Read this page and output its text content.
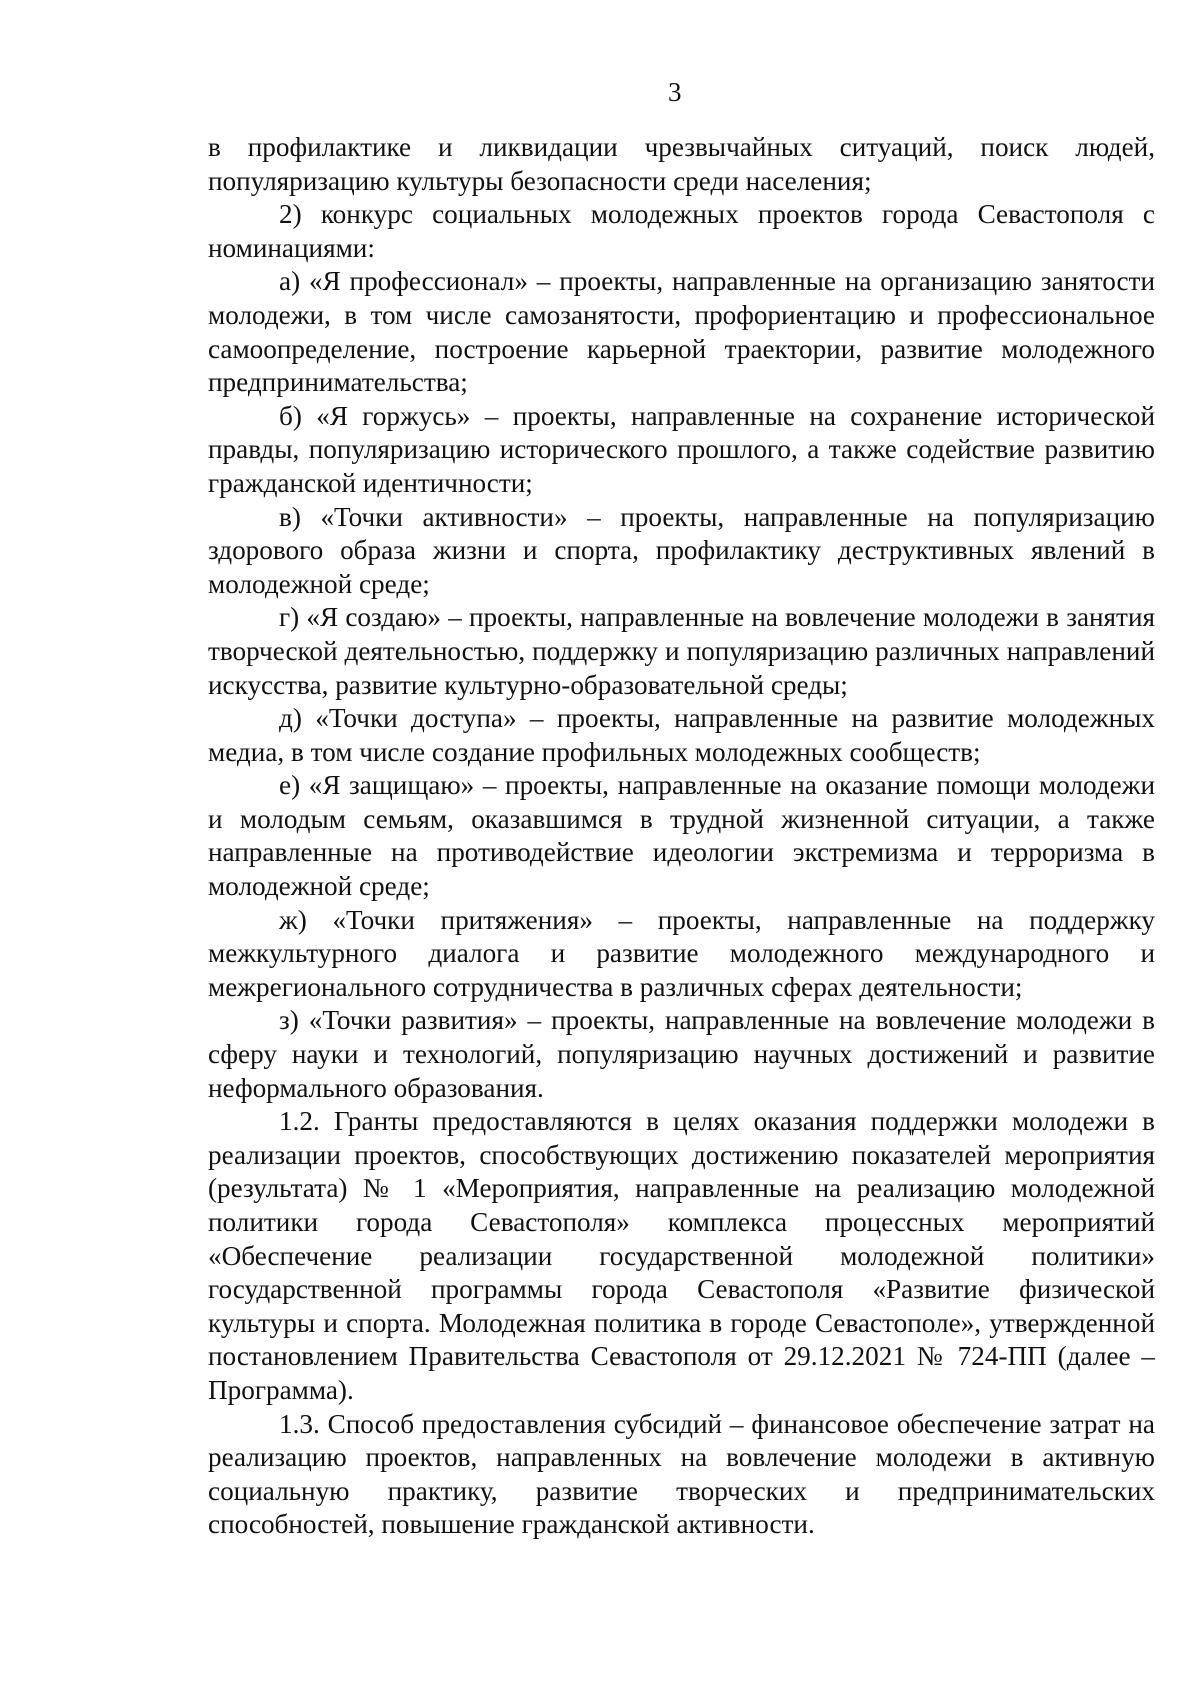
3

в профилактике и ликвидации чрезвычайных ситуаций, поиск людей, популяризацию культуры безопасности среди населения;

2) конкурс социальных молодежных проектов города Севастополя с номинациями:

а) «Я профессионал» – проекты, направленные на организацию занятости молодежи, в том числе самозанятости, профориентацию и профессиональное самоопределение, построение карьерной траектории, развитие молодежного предпринимательства;

б) «Я горжусь» – проекты, направленные на сохранение исторической правды, популяризацию исторического прошлого, а также содействие развитию гражданской идентичности;

в) «Точки активности» – проекты, направленные на популяризацию здорового образа жизни и спорта, профилактику деструктивных явлений в молодежной среде;

г) «Я создаю» – проекты, направленные на вовлечение молодежи в занятия творческой деятельностью, поддержку и популяризацию различных направлений искусства, развитие культурно-образовательной среды;

д) «Точки доступа» – проекты, направленные на развитие молодежных медиа, в том числе создание профильных молодежных сообществ;

е) «Я защищаю» – проекты, направленные на оказание помощи молодежи и молодым семьям, оказавшимся в трудной жизненной ситуации, а также направленные на противодействие идеологии экстремизма и терроризма в молодежной среде;

ж) «Точки притяжения» – проекты, направленные на поддержку межкультурного диалога и развитие молодежного международного и межрегионального сотрудничества в различных сферах деятельности;

з) «Точки развития» – проекты, направленные на вовлечение молодежи в сферу науки и технологий, популяризацию научных достижений и развитие неформального образования.

1.2. Гранты предоставляются в целях оказания поддержки молодежи в реализации проектов, способствующих достижению показателей мероприятия (результата) № 1 «Мероприятия, направленные на реализацию молодежной политики города Севастополя» комплекса процессных мероприятий «Обеспечение реализации государственной молодежной политики» государственной программы города Севастополя «Развитие физической культуры и спорта. Молодежная политика в городе Севастополе», утвержденной постановлением Правительства Севастополя от 29.12.2021 № 724-ПП (далее – Программа).

1.3. Способ предоставления субсидий – финансовое обеспечение затрат на реализацию проектов, направленных на вовлечение молодежи в активную социальную практику, развитие творческих и предпринимательских способностей, повышение гражданской активности.
